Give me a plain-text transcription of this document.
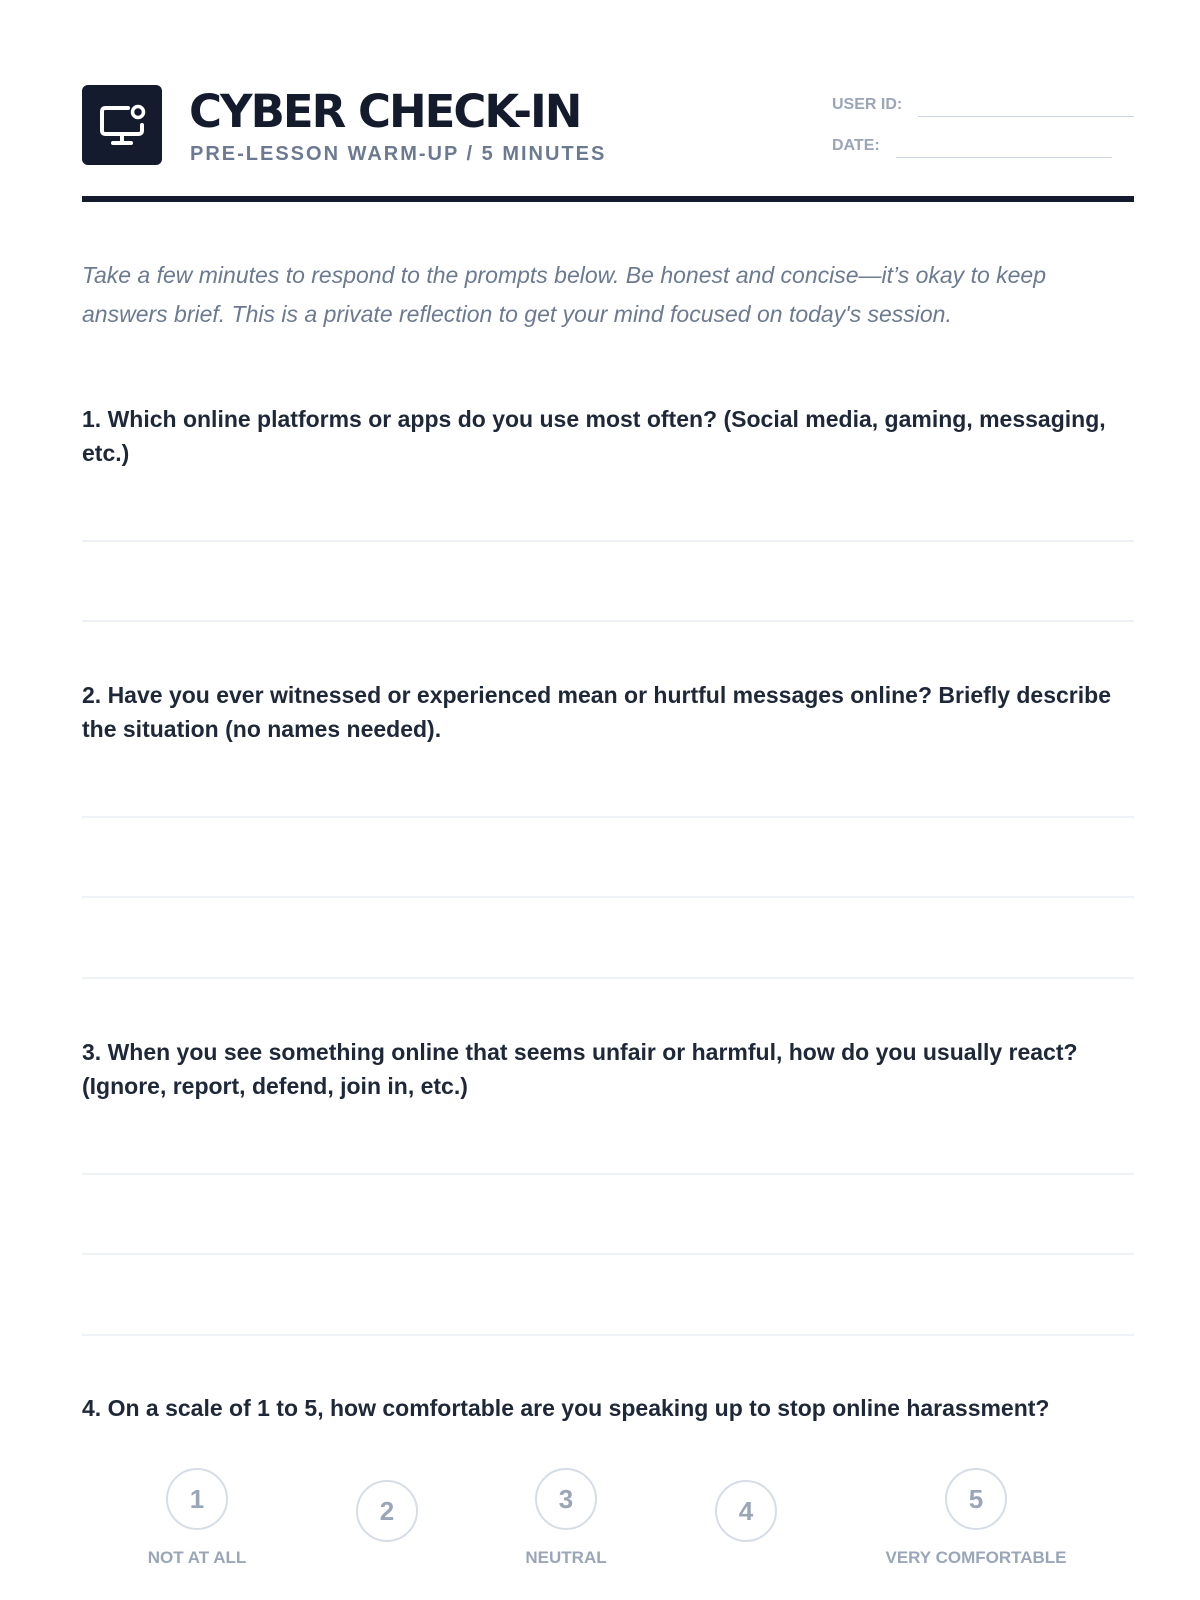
CYBER CHECK-IN
PRE-LESSON WARM-UP / 5 MINUTES
USER ID:
DATE:
Take a few minutes to respond to the prompts below. Be honest and concise—it’s okay to keep answers brief. This is a private reflection to get your mind focused on today's session.
1. Which online platforms or apps do you use most often? (Social media, gaming, messaging, etc.)
2. Have you ever witnessed or experienced mean or hurtful messages online? Briefly describe the situation (no names needed).
3. When you see something online that seems unfair or harmful, how do you usually react? (Ignore, report, defend, join in, etc.)
4. On a scale of 1 to 5, how comfortable are you speaking up to stop online harassment?
1
NOT AT ALL
2	3
NEUTRAL
4	5
VERY COMFORTABLE
